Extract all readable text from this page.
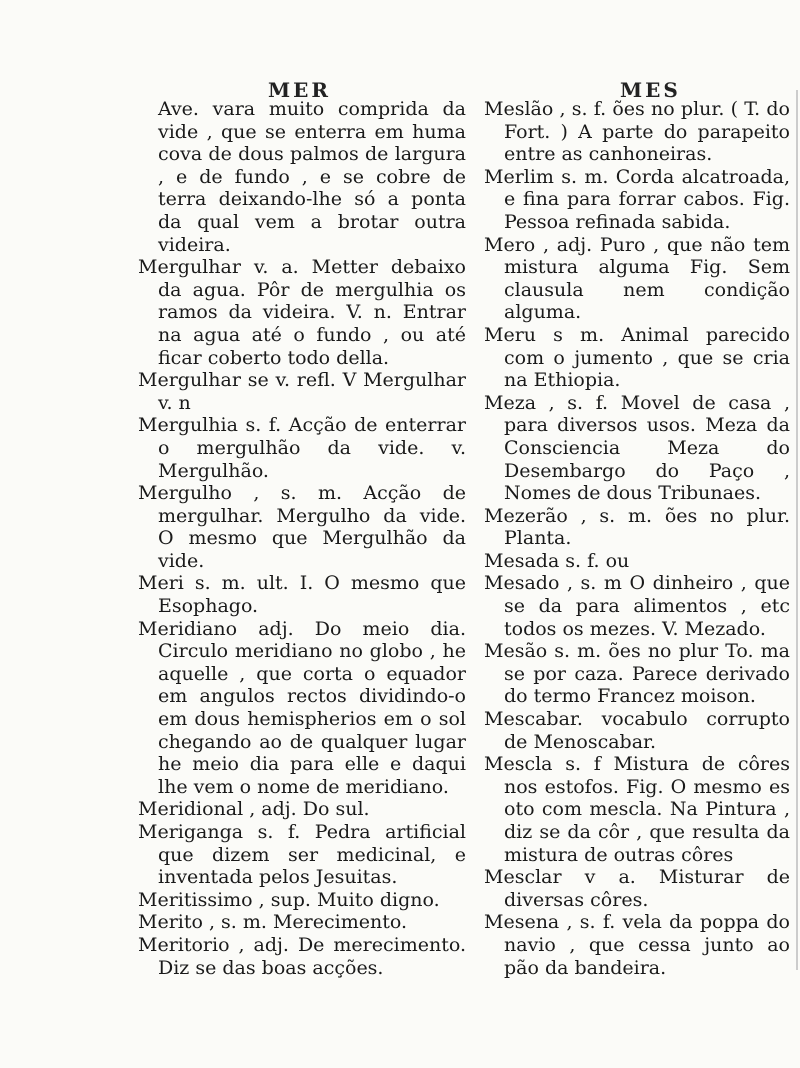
MER	MES

Ave. vara muito comprida da vide , que se enterra em huma cova de dous palmos de largura , e de fundo , e se cobre de terra deixando-lhe só a ponta da qual vem a brotar outra videira.

Mergulhar v. a. Metter debaixo da agua. Pôr de mergulhia os ramos da videira. V. n. Entrar na agua até o fundo , ou até ficar coberto todo della.

Mergulhar se v. refl. V Mergulhar v. n

Mergulhia s. f. Acção de enterrar o mergulhão da vide. v. Mergulhão.

Mergulho , s. m. Acção de mergulhar. Mergulho da vide. O mesmo que Mergulhão da vide.

Meri s. m. ult. I. O mesmo que Esophago.

Meridiano adj. Do meio dia. Circulo meridiano no globo , he aquelle , que corta o equador em angulos rectos dividindo-o em dous hemispherios em o sol chegando ao de qualquer lugar he meio dia para elle e daqui lhe vem o nome de meridiano.

Meridional , adj. Do sul.

Meriganga s. f. Pedra artificial que dizem ser medicinal, e inventada pelos Jesuitas.

Meritissimo , sup. Muito digno.

Merito , s. m. Merecimento.

Meritorio , adj. De merecimento. Diz se das boas acções.

Meslão , s. f. ões no plur. ( T. do Fort. ) A parte do parapeito entre as canhoneiras.

Merlim s. m. Corda alcatroada, e fina para forrar cabos. Fig. Pessoa refinada sabida.

Mero , adj. Puro , que não tem mistura alguma Fig. Sem clausula nem condição alguma.

Meru s m. Animal parecido com o jumento , que se cria na Ethiopia.

Meza , s. f. Movel de casa , para diversos usos. Meza da Consciencia Meza do Desembargo do Paço , Nomes de dous Tribunaes.

Mezerão , s. m. ões no plur. Planta.

Mesada s. f. ou

Mesado , s. m O dinheiro , que se da para alimentos , etc todos os mezes. V. Mezado.

Mesão s. m. ões no plur To. ma se por caza. Parece derivado do termo Francez moison.

Mescabar. vocabulo corrupto de Menoscabar.

Mescla s. f Mistura de côres nos estofos. Fig. O mesmo es oto com mescla. Na Pintura , diz se da côr , que resulta da mistura de outras côres

Mesclar v a. Misturar de diversas côres.

Mesena , s. f. vela da poppa do navio , que cessa junto ao pão da bandeira.
